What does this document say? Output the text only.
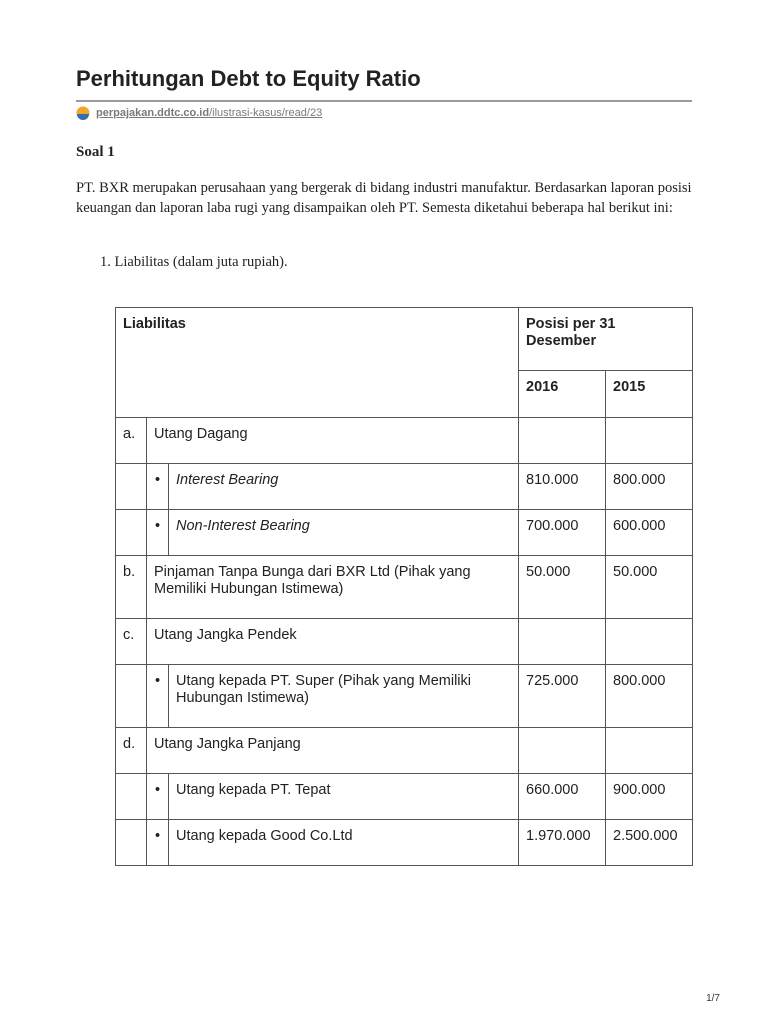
Perhitungan Debt to Equity Ratio
perpajakan.ddtc.co.id /ilustrasi-kasus/read/23
Soal 1

PT. BXR merupakan perusahaan yang bergerak di bidang industri manufaktur. Berdasarkan laporan posisi keuangan dan laporan laba rugi yang disampaikan oleh PT. Semesta diketahui beberapa hal berikut ini:

1. Liabilitas (dalam juta rupiah).

Liabilitas			Posisi per 31 Desember	
			2016	2015
a.	Utang Dagang			
	•	Interest Bearing	810.000	800.000
	•	Non-Interest Bearing	700.000	600.000
b.	Pinjaman Tanpa Bunga dari BXR Ltd (Pihak yang Memiliki Hubungan Istimewa)		50.000	50.000
c.	Utang Jangka Pendek			
	•	Utang kepada PT. Super (Pihak yang Memiliki Hubungan Istimewa)	725.000	800.000
d.	Utang Jangka Panjang			
	•	Utang kepada PT. Tepat	660.000	900.000
	•	Utang kepada Good Co.Ltd	1.970.000	2.500.000
1/7
